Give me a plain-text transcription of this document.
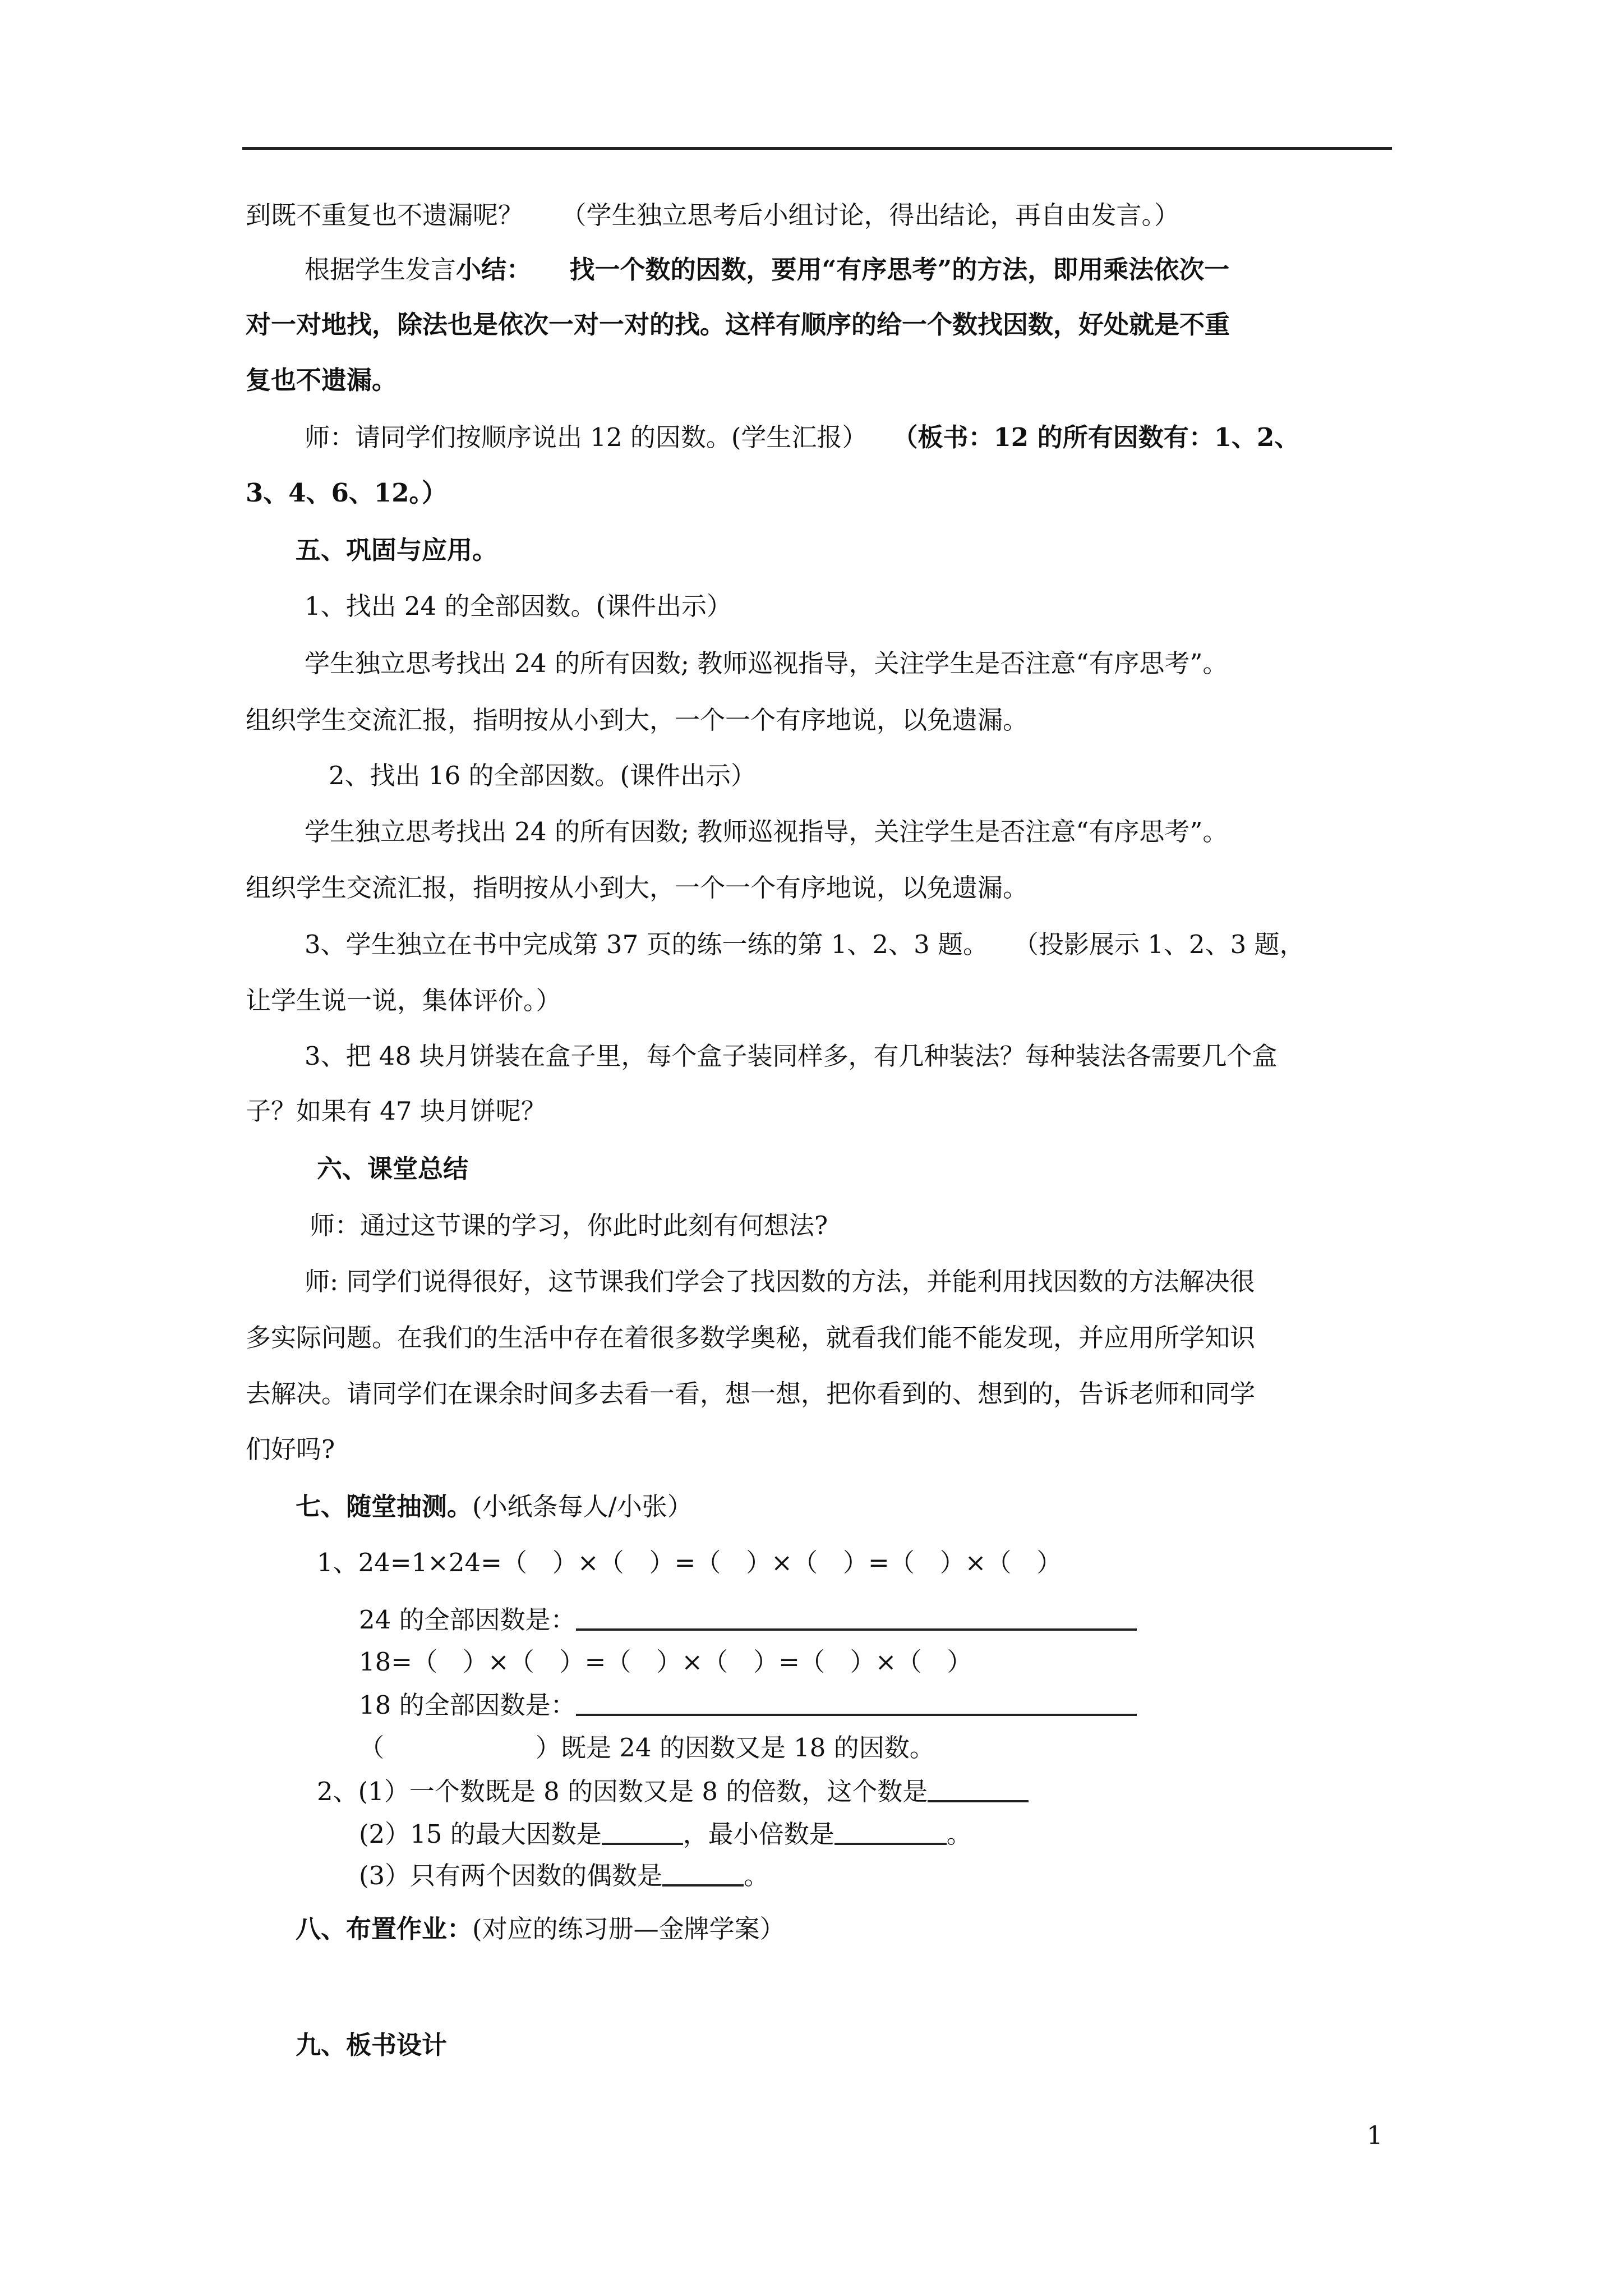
到既不重复也不遗漏呢？　　（学生独立思考后小组讨论，得出结论，再自由发言。）
根据学生发言小结：　　找一个数的因数，要用“有序思考”的方法，即用乘法依次一
对一对地找，除法也是依次一对一对的找。这样有顺序的给一个数找因数，好处就是不重
复也不遗漏。
师：请同学们按顺序说出 12 的因数。(学生汇报）　　（板书：12 的所有因数有：1、2、
3、4、6、12。）
五、巩固与应用。
1、找出 24 的全部因数。(课件出示）
学生独立思考找出 24 的所有因数; 教师巡视指导，关注学生是否注意“有序思考”。
组织学生交流汇报，指明按从小到大，一个一个有序地说，以免遗漏。
2、找出 16 的全部因数。(课件出示）
学生独立思考找出 24 的所有因数; 教师巡视指导，关注学生是否注意“有序思考”。
组织学生交流汇报，指明按从小到大，一个一个有序地说，以免遗漏。
3、学生独立在书中完成第 37 页的练一练的第 1、2、3 题。　　（投影展示 1、2、3 题，
让学生说一说，集体评价。）
3、把 48 块月饼装在盒子里，每个盒子装同样多，有几种装法？每种装法各需要几个盒
子？如果有 47 块月饼呢？
六、课堂总结
师：通过这节课的学习，你此时此刻有何想法?
师: 同学们说得很好，这节课我们学会了找因数的方法，并能利用找因数的方法解决很
多实际问题。在我们的生活中存在着很多数学奥秘，就看我们能不能发现，并应用所学知识
去解决。请同学们在课余时间多去看一看，想一想，把你看到的、想到的，告诉老师和同学
们好吗?
七、随堂抽测。(小纸条每人/小张）
1、24=1×24=（　）×（　）=（　）×（　）=（　）×（　）
24 的全部因数是：
18=（　）×（　）=（　）×（　）=（　）×（　）
18 的全部因数是：
（　　　　　　）既是 24 的因数又是 18 的因数。
2、(1）一个数既是 8 的因数又是 8 的倍数，这个数是
(2）15 的最大因数是	，最小倍数是	。
(3）只有两个因数的偶数是	。
八、布置作业：(对应的练习册—金牌学案）
九、板书设计
1
